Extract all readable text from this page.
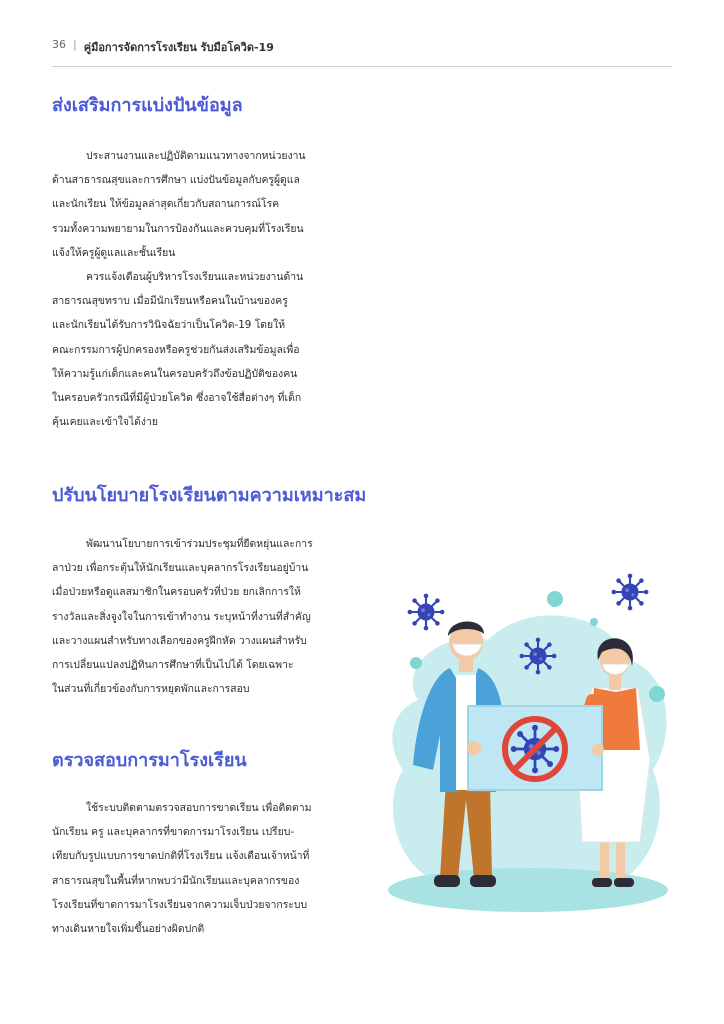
36 | คู่มือการจัดการโรงเรียน รับมือโควิด-19
ส่งเสริมการแบ่งปันข้อมูล
ประสานงานและปฏิบัติตามแนวทางจากหน่วยงาน
ด้านสาธารณสุขและการศึกษา แบ่งปันข้อมูลกับครูผู้ดูแล
และนักเรียน ให้ข้อมูลล่าสุดเกี่ยวกับสถานการณ์โรค
รวมทั้งความพยายามในการป้องกันและควบคุมที่โรงเรียน
แจ้งให้ครูผู้ดูแลและชั้นเรียน
ควรแจ้งเตือนผู้บริหารโรงเรียนและหน่วยงานด้าน
สาธารณสุขทราบ เมื่อมีนักเรียนหรือคนในบ้านของครู
และนักเรียนได้รับการวินิจฉัยว่าเป็นโควิด-19 โดยให้
คณะกรรมการผู้ปกครองหรือครูช่วยกันส่งเสริมข้อมูลเพื่อ
ให้ความรู้แก่เด็กและคนในครอบครัวถึงข้อปฏิบัติของคน
ในครอบครัวกรณีที่มีผู้ป่วยโควิด ซึ่งอาจใช้สื่อต่างๆ ที่เด็ก
คุ้นเคยและเข้าใจได้ง่าย
ปรับนโยบายโรงเรียนตามความเหมาะสม
พัฒนานโยบายการเข้าร่วมประชุมที่ยืดหยุ่นและการ
ลาป่วย เพื่อกระตุ้นให้นักเรียนและบุคลากรโรงเรียนอยู่บ้าน
เมื่อป่วยหรือดูแลสมาชิกในครอบครัวที่ป่วย ยกเลิกการให้
รางวัลและสิ่งจูงใจในการเข้าทำงาน ระบุหน้าที่งานที่สำคัญ
และวางแผนสำหรับทางเลือกของครูฝึกหัด วางแผนสำหรับ
การเปลี่ยนแปลงปฏิทินการศึกษาที่เป็นไปได้ โดยเฉพาะ
ในส่วนที่เกี่ยวข้องกับการหยุดพักและการสอบ
ตรวจสอบการมาโรงเรียน
ใช้ระบบติดตามตรวจสอบการขาดเรียน เพื่อติดตาม
นักเรียน ครู และบุคลากรที่ขาดการมาโรงเรียน เปรียบ-
เทียบกับรูปแบบการขาดปกติที่โรงเรียน แจ้งเตือนเจ้าหน้าที่
สาธารณสุขในพื้นที่หากพบว่ามีนักเรียนและบุคลากรของ
โรงเรียนที่ขาดการมาโรงเรียนจากความเจ็บป่วยจากระบบ
ทางเดินหายใจเพิ่มขึ้นอย่างผิดปกติ
